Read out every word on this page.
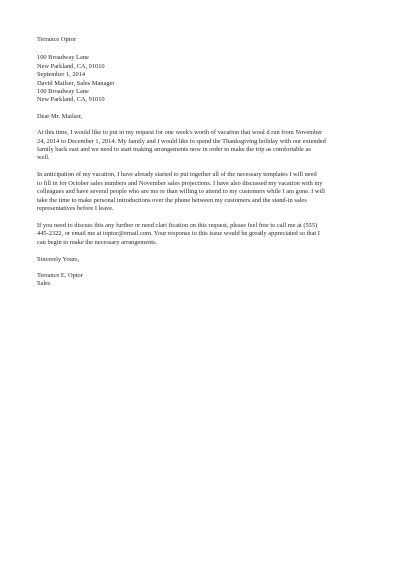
Terrance Optor
100 Broadway Lane
New Parkland, CA, 91010
September 1, 2014
David Mailser, Sales Manager
100 Broadway Lane
New Parkland, CA, 91010
Dear Mr. Mailser,
At this time, I would like to put in my request for one week's worth of vacation that woul d run from November
24, 2014 to December 1, 2014. My family and I would like to spend the Thanksgiving holiday with our extended
family back east and we need to start making arrangements now in order to make the trip as comfortable as
well.
In anticipation of my vacation, I have already started to put together all of the necessary templates I will need
to fill in for October sales numbers and November sales projections. I have also discussed my vacation with my
colleagues and have several people who are mo re than willing to attend to my customers while I am gone. I will
take the time to make personal introductions over the phone between my customers and the stand-in sales
representatives before I leave.
If you need to discuss this any further or need clari fication on this request, please feel free to call me at (555)
445-2322, or email me at toptor@email.com. Your response to this issue would be greatly appreciated so that I
can begin to make the necessary arrangements.
Sincerely Yours,
Terrance E. Optor
Sales
